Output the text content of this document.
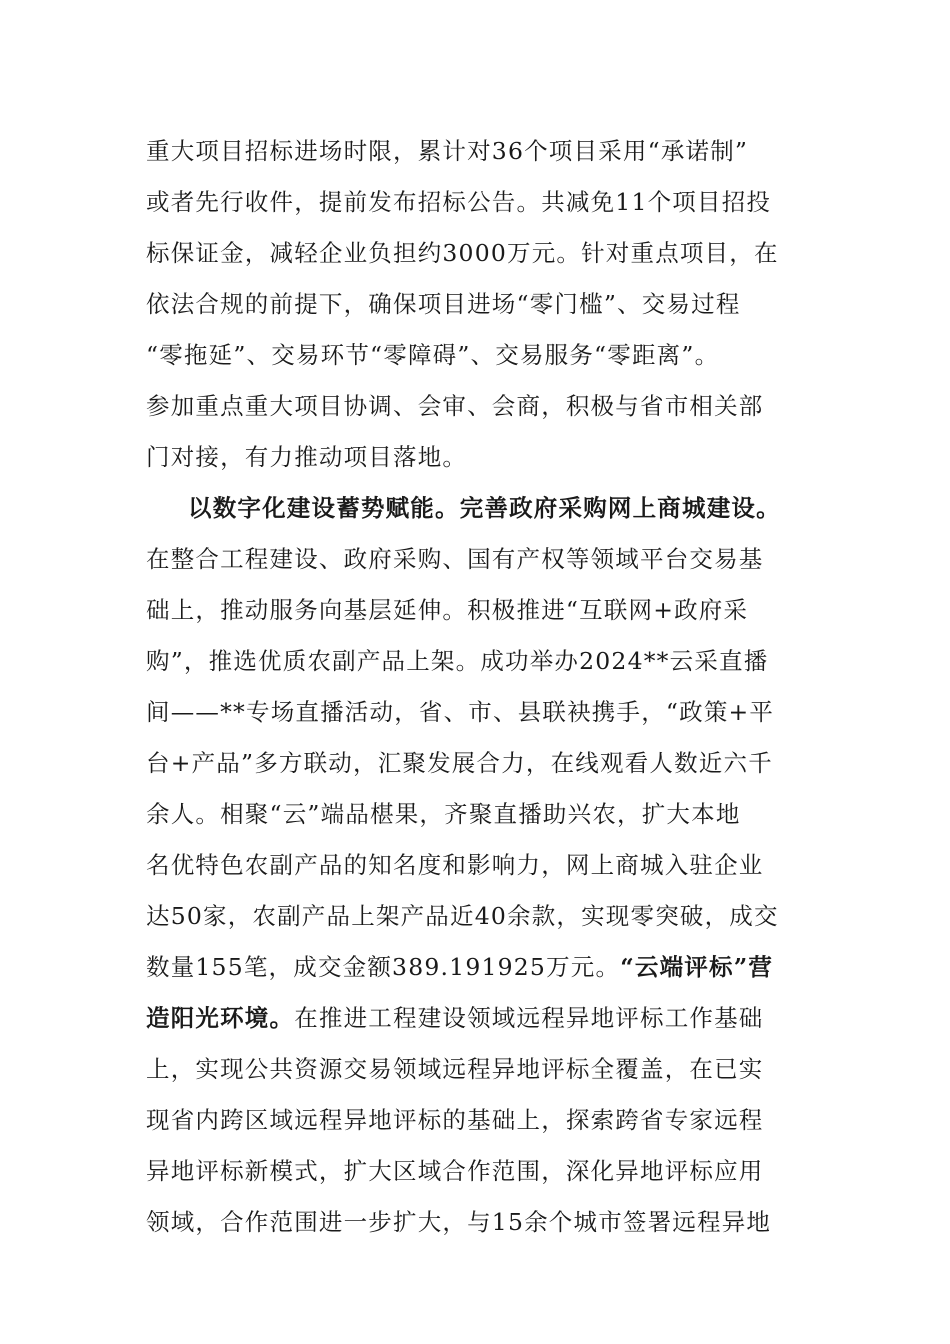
重大项目招标进场时限，累计对36个项目采用“承诺制”
或者先行收件，提前发布招标公告。共减免11个项目招投
标保证金，减轻企业负担约3000万元。针对重点项目，在
依法合规的前提下，确保项目进场“零门槛”、交易过程
“零拖延”、交易环节“零障碍”、交易服务“零距离”。
参加重点重大项目协调、会审、会商，积极与省市相关部
门对接，有力推动项目落地。
以数字化建设蓄势赋能。完善政府采购网上商城建设。
在整合工程建设、政府采购、国有产权等领域平台交易基
础上，推动服务向基层延伸。积极推进“互联网+政府采
购”，推选优质农副产品上架。成功举办2024**云采直播
间——**专场直播活动，省、市、县联袂携手，“政策+平
台+产品”多方联动，汇聚发展合力，在线观看人数近六千
余人。相聚“云”端品椹果，齐聚直播助兴农，扩大本地
名优特色农副产品的知名度和影响力，网上商城入驻企业
达50家，农副产品上架产品近40余款，实现零突破，成交
数量155笔，成交金额389.191925万元。“云端评标”营
造阳光环境。在推进工程建设领域远程异地评标工作基础
上，实现公共资源交易领域远程异地评标全覆盖，在已实
现省内跨区域远程异地评标的基础上，探索跨省专家远程
异地评标新模式，扩大区域合作范围，深化异地评标应用
领域，合作范围进一步扩大，与15余个城市签署远程异地
